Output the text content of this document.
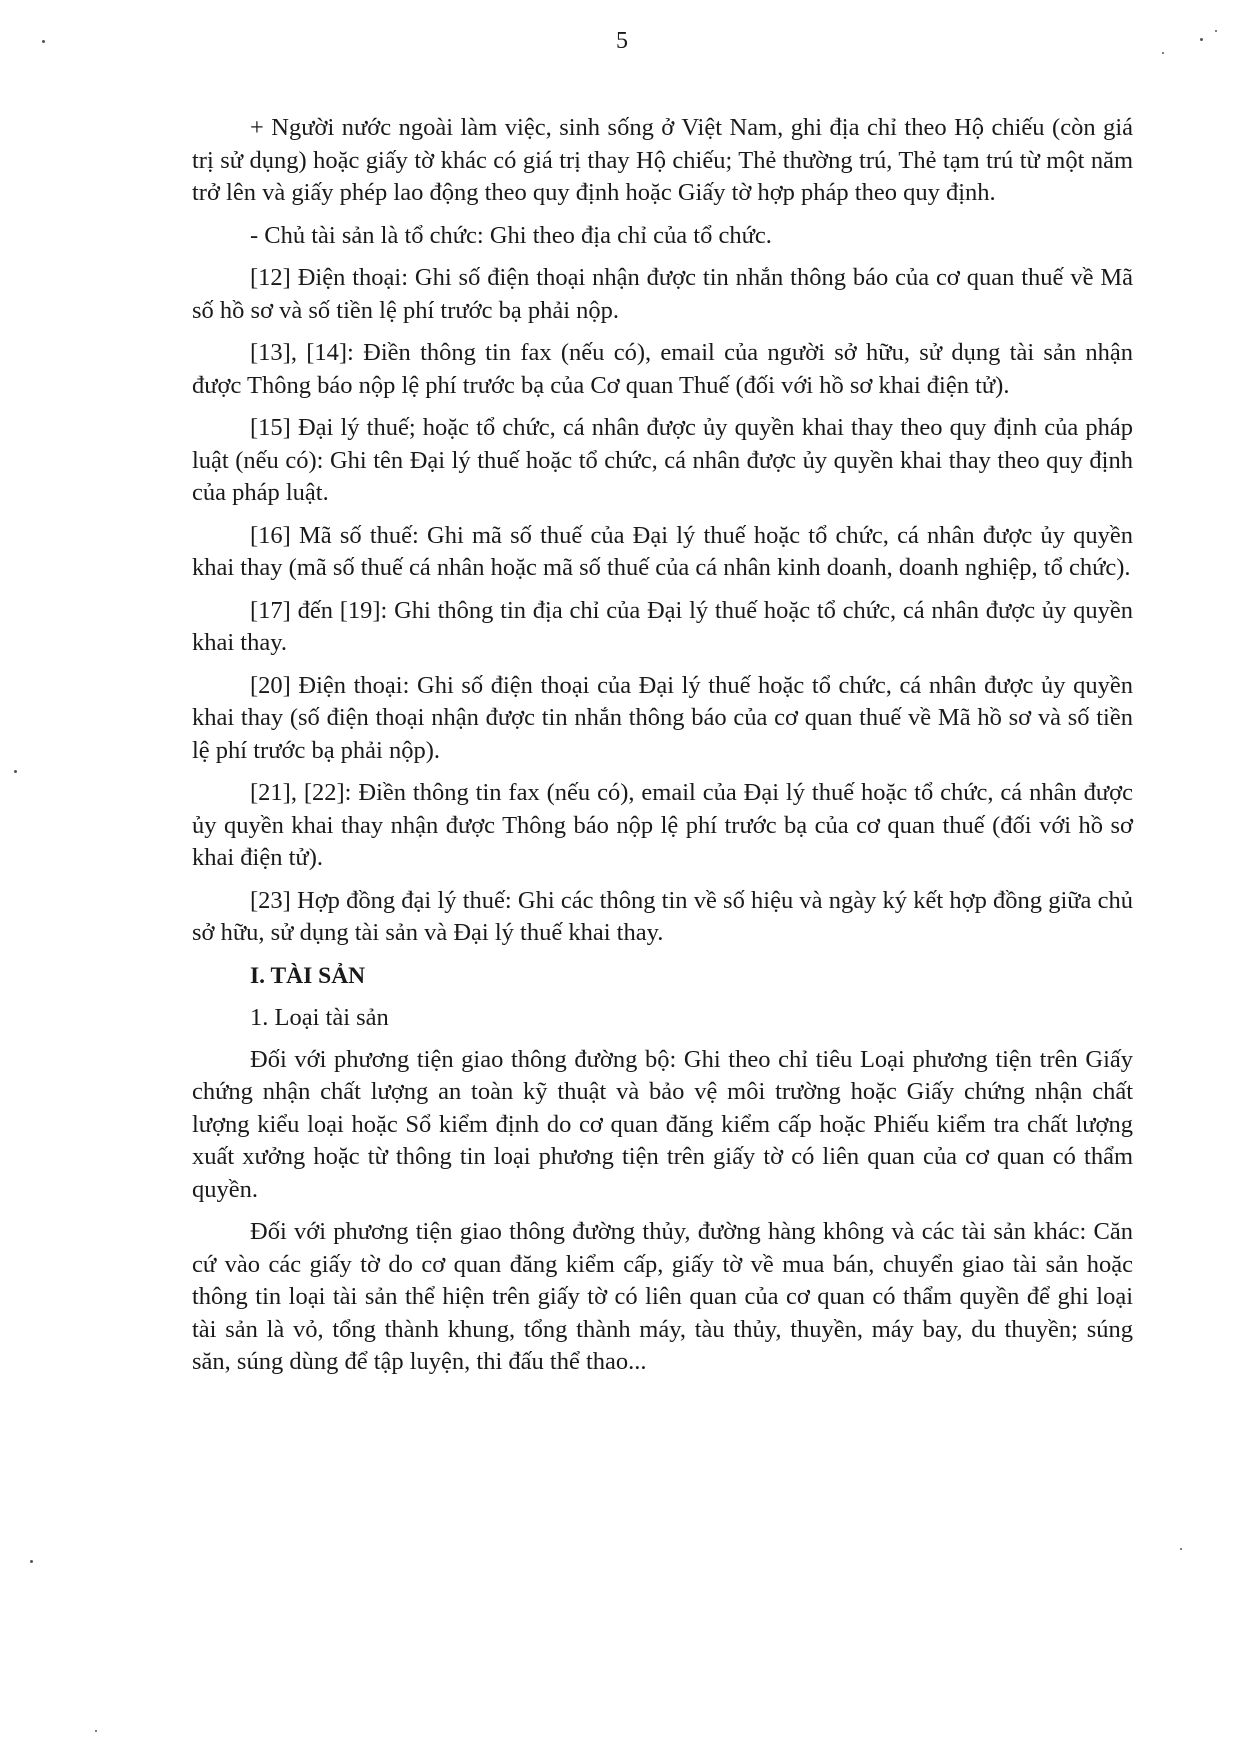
5

+ Người nước ngoài làm việc, sinh sống ở Việt Nam, ghi địa chỉ theo Hộ chiếu (còn giá trị sử dụng) hoặc giấy tờ khác có giá trị thay Hộ chiếu; Thẻ thường trú, Thẻ tạm trú từ một năm trở lên và giấy phép lao động theo quy định hoặc Giấy tờ hợp pháp theo quy định.

- Chủ tài sản là tổ chức: Ghi theo địa chỉ của tổ chức.

[12] Điện thoại: Ghi số điện thoại nhận được tin nhắn thông báo của cơ quan thuế về Mã số hồ sơ và số tiền lệ phí trước bạ phải nộp.

[13], [14]: Điền thông tin fax (nếu có), email của người sở hữu, sử dụng tài sản nhận được Thông báo nộp lệ phí trước bạ của Cơ quan Thuế (đối với hồ sơ khai điện tử).

[15] Đại lý thuế; hoặc tổ chức, cá nhân được ủy quyền khai thay theo quy định của pháp luật (nếu có): Ghi tên Đại lý thuế hoặc tổ chức, cá nhân được ủy quyền khai thay theo quy định của pháp luật.

[16] Mã số thuế: Ghi mã số thuế của Đại lý thuế hoặc tổ chức, cá nhân được ủy quyền khai thay (mã số thuế cá nhân hoặc mã số thuế của cá nhân kinh doanh, doanh nghiệp, tổ chức).

[17] đến [19]: Ghi thông tin địa chỉ của Đại lý thuế hoặc tổ chức, cá nhân được ủy quyền khai thay.

[20] Điện thoại: Ghi số điện thoại của Đại lý thuế hoặc tổ chức, cá nhân được ủy quyền khai thay (số điện thoại nhận được tin nhắn thông báo của cơ quan thuế về Mã hồ sơ và số tiền lệ phí trước bạ phải nộp).

[21], [22]: Điền thông tin fax (nếu có), email của Đại lý thuế hoặc tổ chức, cá nhân được ủy quyền khai thay nhận được Thông báo nộp lệ phí trước bạ của cơ quan thuế (đối với hồ sơ khai điện tử).

[23] Hợp đồng đại lý thuế: Ghi các thông tin về số hiệu và ngày ký kết hợp đồng giữa chủ sở hữu, sử dụng tài sản và Đại lý thuế khai thay.

I. TÀI SẢN
1. Loại tài sản

Đối với phương tiện giao thông đường bộ: Ghi theo chỉ tiêu Loại phương tiện trên Giấy chứng nhận chất lượng an toàn kỹ thuật và bảo vệ môi trường hoặc Giấy chứng nhận chất lượng kiểu loại hoặc Sổ kiểm định do cơ quan đăng kiểm cấp hoặc Phiếu kiểm tra chất lượng xuất xưởng hoặc từ thông tin loại phương tiện trên giấy tờ có liên quan của cơ quan có thẩm quyền.

Đối với phương tiện giao thông đường thủy, đường hàng không và các tài sản khác: Căn cứ vào các giấy tờ do cơ quan đăng kiểm cấp, giấy tờ về mua bán, chuyển giao tài sản hoặc thông tin loại tài sản thể hiện trên giấy tờ có liên quan của cơ quan có thẩm quyền để ghi loại tài sản là vỏ, tổng thành khung, tổng thành máy, tàu thủy, thuyền, máy bay, du thuyền; súng săn, súng dùng để tập luyện, thi đấu thể thao...
